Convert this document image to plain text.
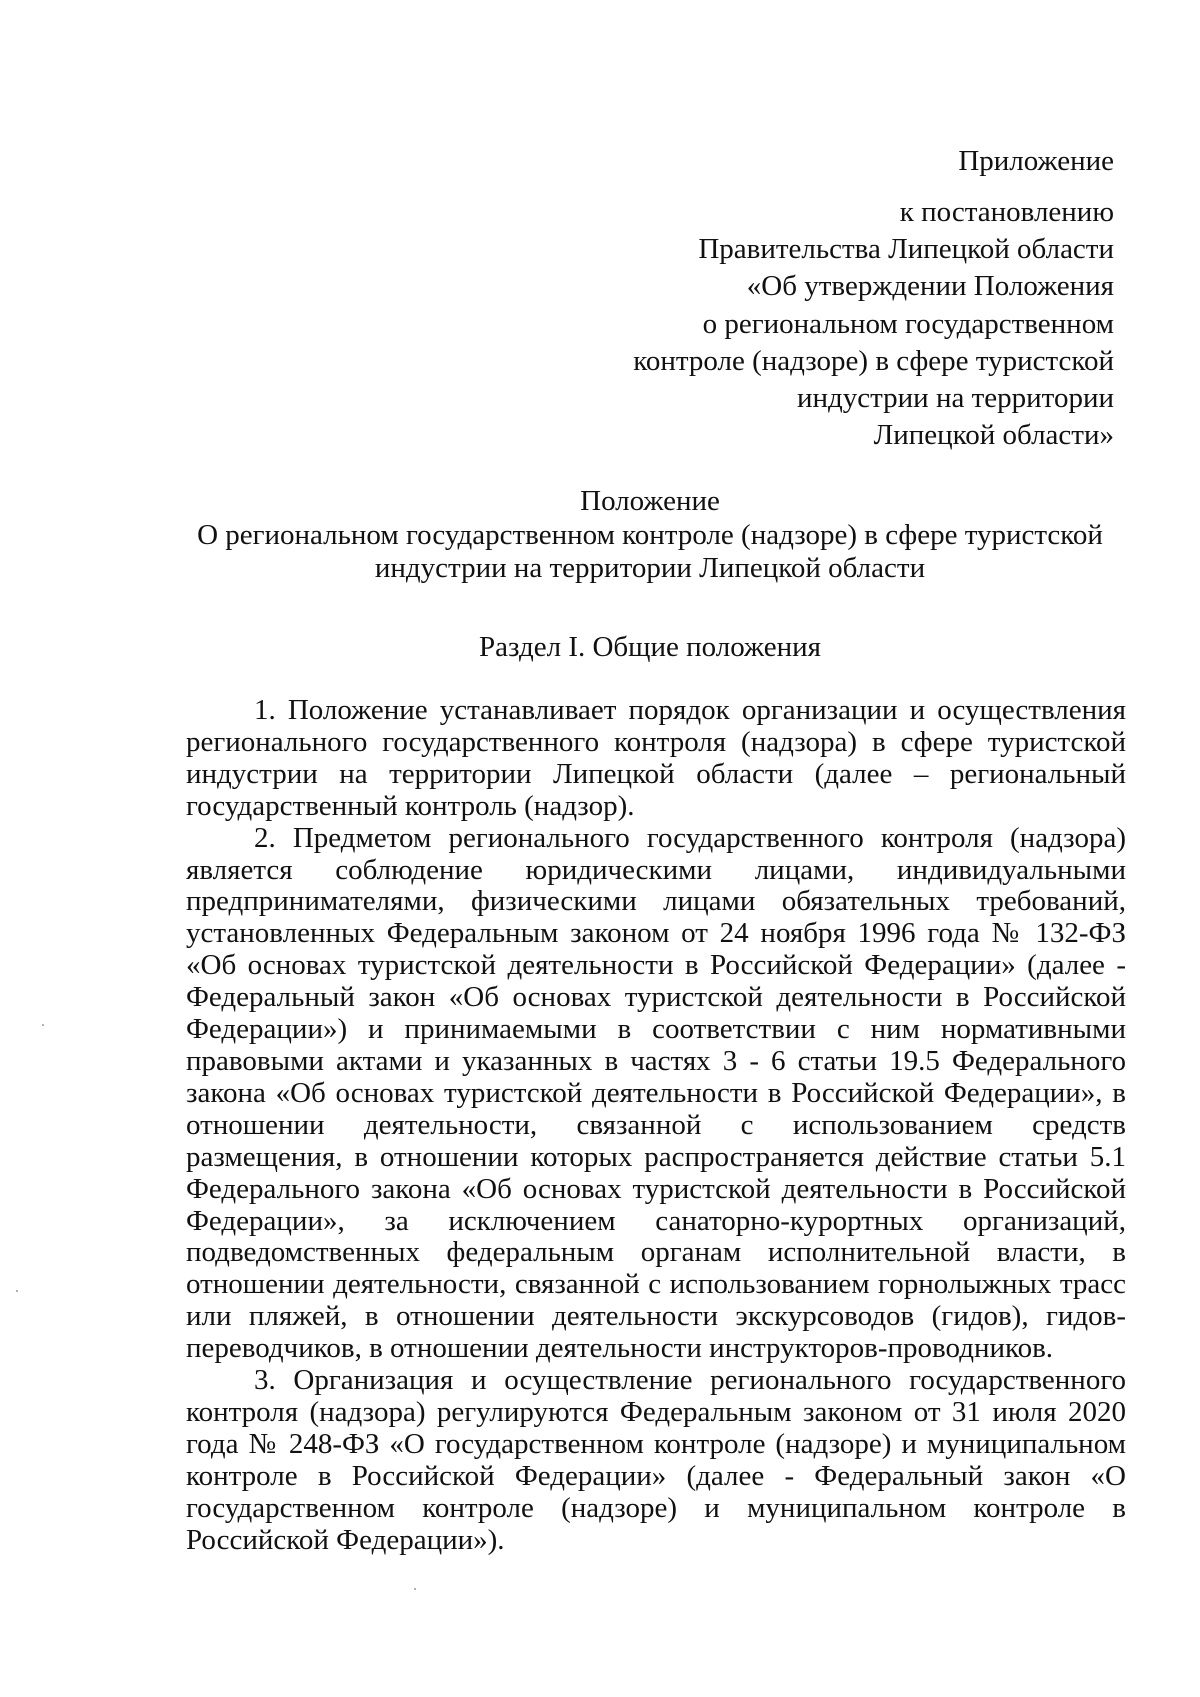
Приложение

к постановлению
Правительства Липецкой области
«Об утверждении Положения
о региональном государственном
контроле (надзоре) в сфере туристской
индустрии на территории
Липецкой области»
Положение
О региональном государственном контроле (надзоре) в сфере туристской
индустрии на территории Липецкой области

Раздел I. Общие положения

1. Положение устанавливает порядок организации и осуществления регионального государственного контроля (надзора) в сфере туристской индустрии на территории Липецкой области (далее – региональный государственный контроль (надзор).

2. Предметом регионального государственного контроля (надзора) является соблюдение юридическими лицами, индивидуальными предпринимателями, физическими лицами обязательных требований, установленных Федеральным законом от 24 ноября 1996 года № 132-ФЗ «Об основах туристской деятельности в Российской Федерации» (далее - Федеральный закон «Об основах туристской деятельности в Российской Федерации») и принимаемыми в соответствии с ним нормативными правовыми актами и указанных в частях 3 - 6 статьи 19.5 Федерального закона «Об основах туристской деятельности в Российской Федерации», в отношении деятельности, связанной с использованием средств размещения, в отношении которых распространяется действие статьи 5.1 Федерального закона «Об основах туристской деятельности в Российской Федерации», за исключением санаторно-курортных организаций, подведомственных федеральным органам исполнительной власти, в отношении деятельности, связанной с использованием горнолыжных трасс или пляжей, в отношении деятельности экскурсоводов (гидов), гидов-переводчиков, в отношении деятельности инструкторов-проводников.

3. Организация и осуществление регионального государственного контроля (надзора) регулируются Федеральным законом от 31 июля 2020 года № 248-ФЗ «О государственном контроле (надзоре) и муниципальном контроле в Российской Федерации» (далее - Федеральный закон «О государственном контроле (надзоре) и муниципальном контроле в Российской Федерации»).
